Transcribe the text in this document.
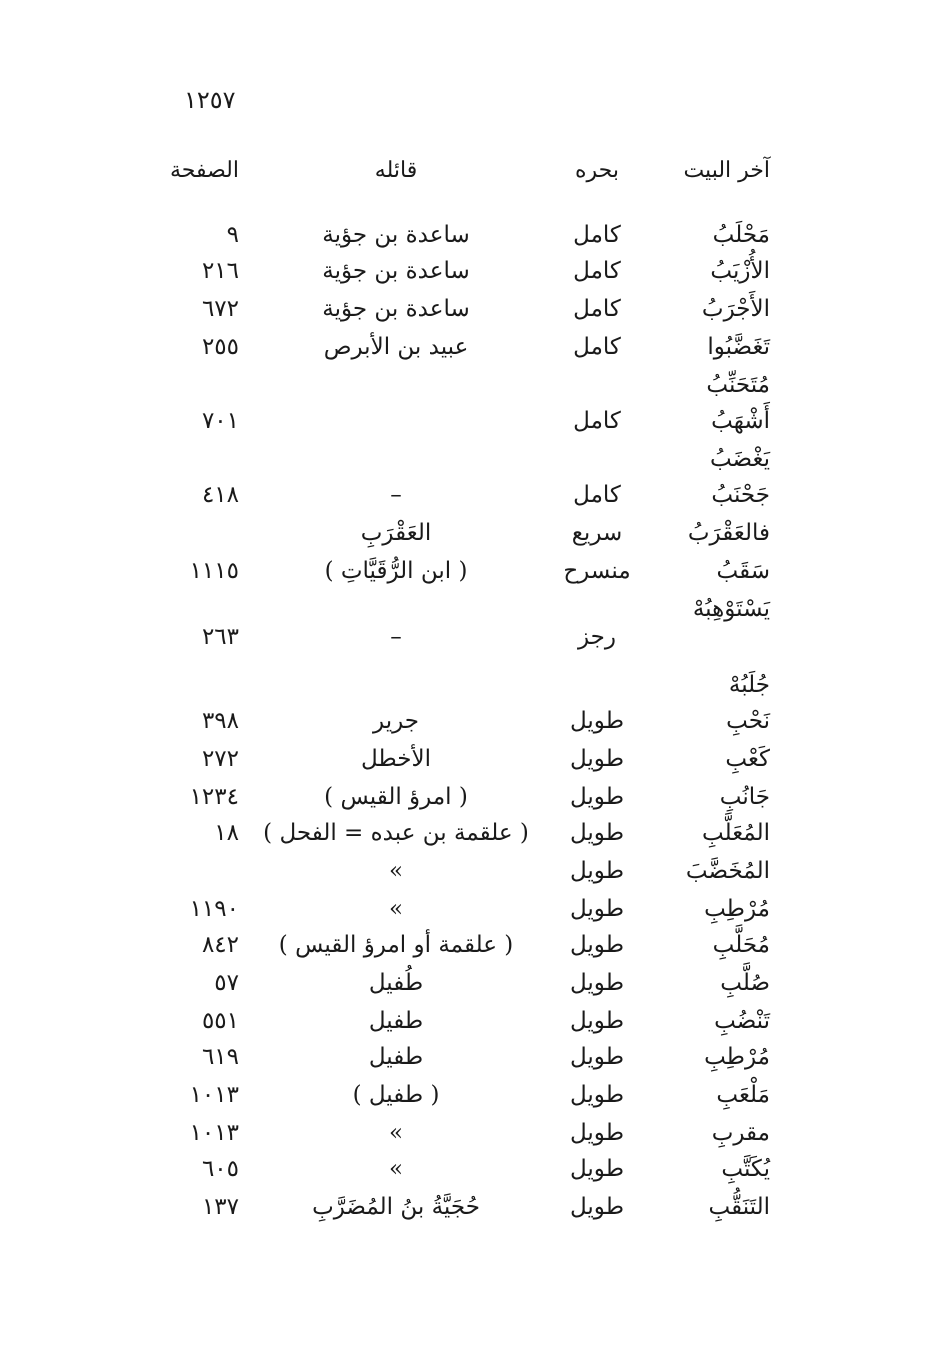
١٢٥٧
آخر البيت
بحره
قائله
الصفحة
مَحْلَبُ
كامل
ساعدة بن جؤية
٩
الأُزْيَبُ
كامل
ساعدة بن جؤية
٢١٦
الأَجْرَبُ
كامل
ساعدة بن جؤية
٦٧٢
تَغَضَّبُوا
كامل
عبيد بن الأبرص
٢٥٥
مُتَحَنِّبُ
أَشْهَبُ
كامل
٧٠١
يَغْضَبُ
جَحْنَبُ
كامل
–
٤١٨
فالعَقْرَبُ
سريع
العَقْرَبِ
سَقَبُ
منسرح
( ابن الرُّقَيَّاتِ )
١١١٥
يَسْتَوْهِبُهْ
رجز
–
٢٦٣
جُلَبُهْ
نَحْبِ
طويل
جرير
٣٩٨
كَعْبِ
طويل
الأخطل
٢٧٢
جَانُبِ
طويل
( امرؤ القيس )
١٢٣٤
المُعَلَّبِ
طويل
( علقمة بن عبده = الفحل )
١٨
المُخَضَّبَ
طويل
»
مُرْطِبِ
طويل
»
١١٩٠
مُحَلَّبِ
طويل
( علقمة أو امرؤ القيس )
٨٤٢
صُلَّبِ
طويل
طُفيل
٥٧
تَنْضُبِ
طويل
طفيل
٥٥١
مُرْطِبِ
طويل
طفيل
٦١٩
مَلْعَبِ
طويل
( طفيل )
١٠١٣
مقربِ
طويل
»
١٠١٣
يُكَتَّبِ
طويل
»
٦٠٥
التَنَقُّبِ
طويل
حُجَيَّةُ بنُ المُضَرَّبِ
١٣٧
